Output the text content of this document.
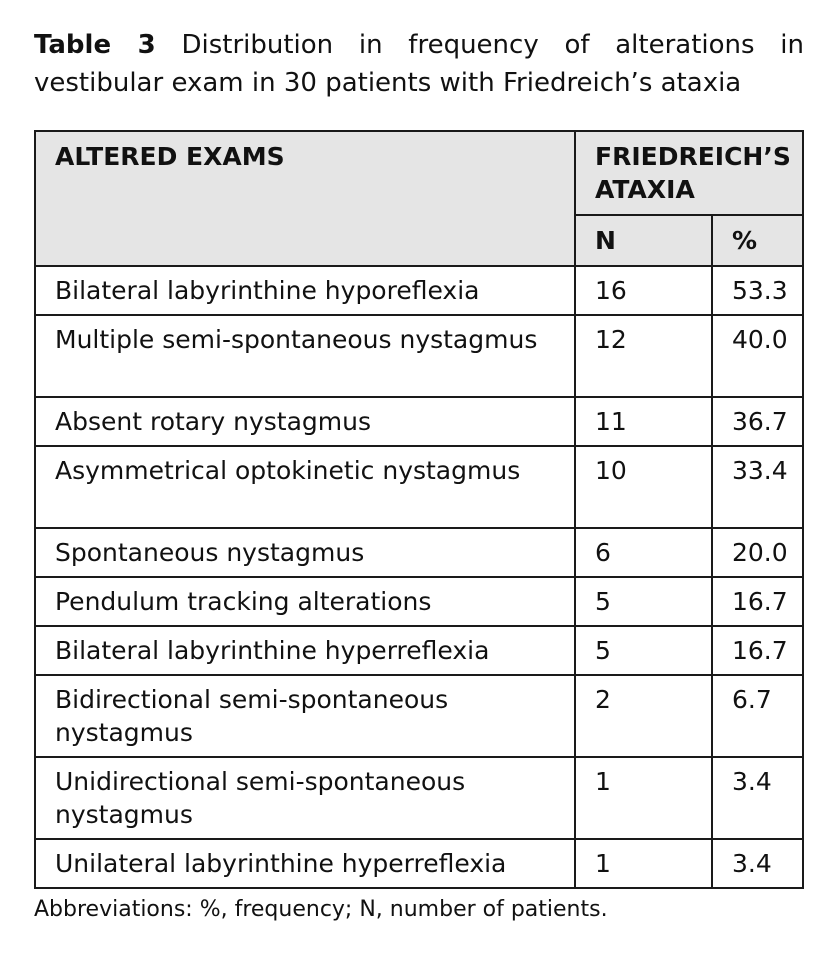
Table 3 Distribution in frequency of alterations in vestibular exam in 30 patients with Friedreich’s ataxia
ALTERED EXAMS	FRIEDREICH’S ATAXIA	
	N	%
Bilateral labyrinthine hyporeflexia	16	53.3
Multiple semi-spontaneous nystagmus	12	40.0
Absent rotary nystagmus	11	36.7
Asymmetrical optokinetic nystagmus	10	33.4
Spontaneous nystagmus	6	20.0
Pendulum tracking alterations	5	16.7
Bilateral labyrinthine hyperreflexia	5	16.7
Bidirectional semi-spontaneous nystagmus	2	6.7
Unidirectional semi-spontaneous nystagmus	1	3.4
Unilateral labyrinthine hyperreflexia	1	3.4
Abbreviations: %, frequency; N, number of patients.
